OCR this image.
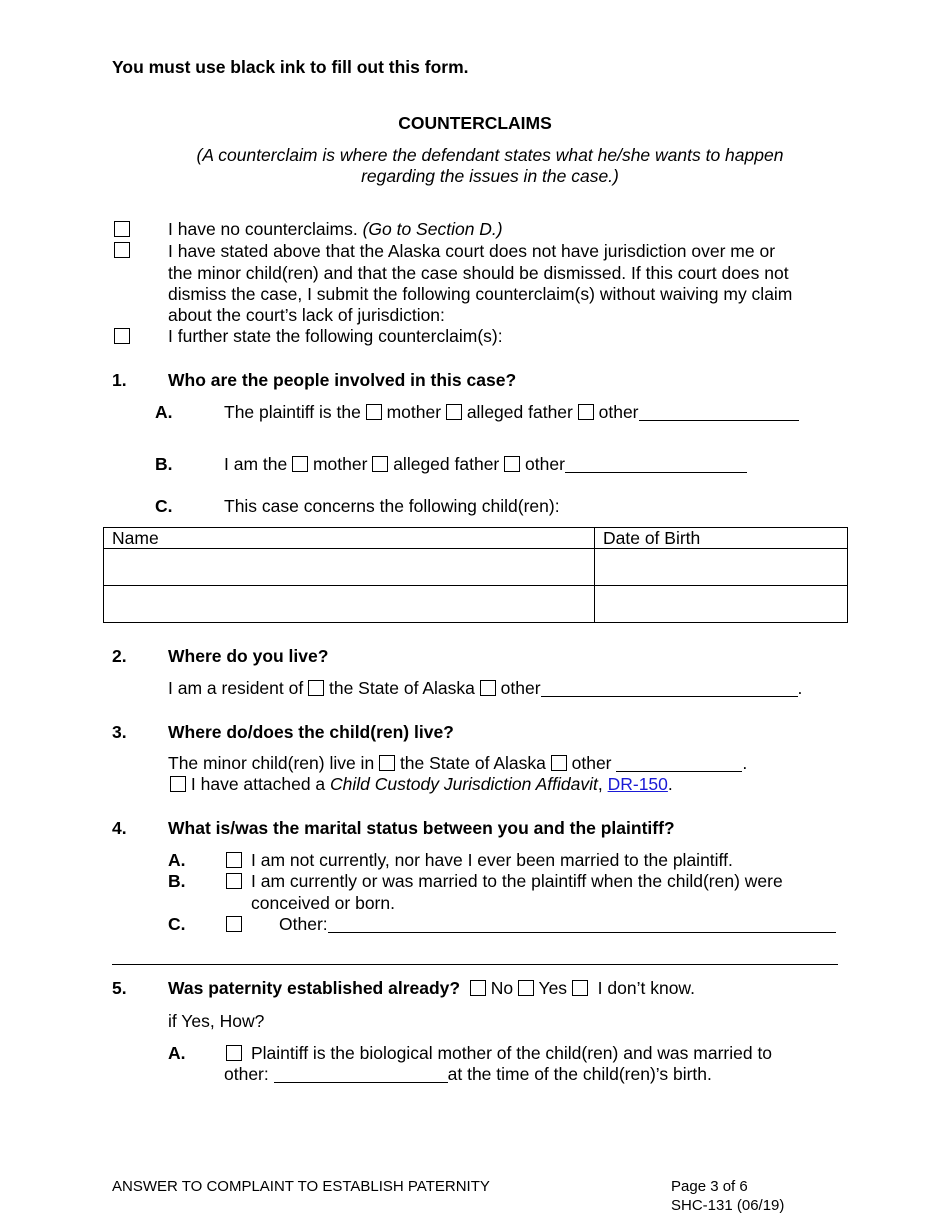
You must use black ink to fill out this form.
COUNTERCLAIMS
(A counterclaim is where the defendant states what he/she wants to happen
regarding the issues in the case.)
I have no counterclaims. (Go to Section D.)
I have stated above that the Alaska court does not have jurisdiction over me or
the minor child(ren) and that the case should be dismissed. If this court does not
dismiss the case, I submit the following counterclaim(s) without waiving my claim
about the court’s lack of jurisdiction:
I further state the following counterclaim(s):
1. Who are the people involved in this case?
A.	The plaintiff is the mother alleged father other
B.	I am the mother alleged father other
C.	This case concerns the following child(ren):
Name	Date of Birth

2. Where do you live?
I am a resident of the State of Alaska other	.
3. Where do/does the child(ren) live?
The minor child(ren) live in the State of Alaska other	.
I have attached a Child Custody Jurisdiction Affidavit, DR-150.
4. What is/was the marital status between you and the plaintiff?
A.	I am not currently, nor have I ever been married to the plaintiff.
B.	I am currently or was married to the plaintiff when the child(ren) were
conceived or born.
C.	Other:
5. Was paternity established already? No Yes I don’t know.
if Yes, How?
A.	Plaintiff is the biological mother of the child(ren) and was married to
other:	at the time of the child(ren)’s birth.
ANSWER TO COMPLAINT TO ESTABLISH PATERNITY	Page 3 of 6
SHC-131 (06/19)
